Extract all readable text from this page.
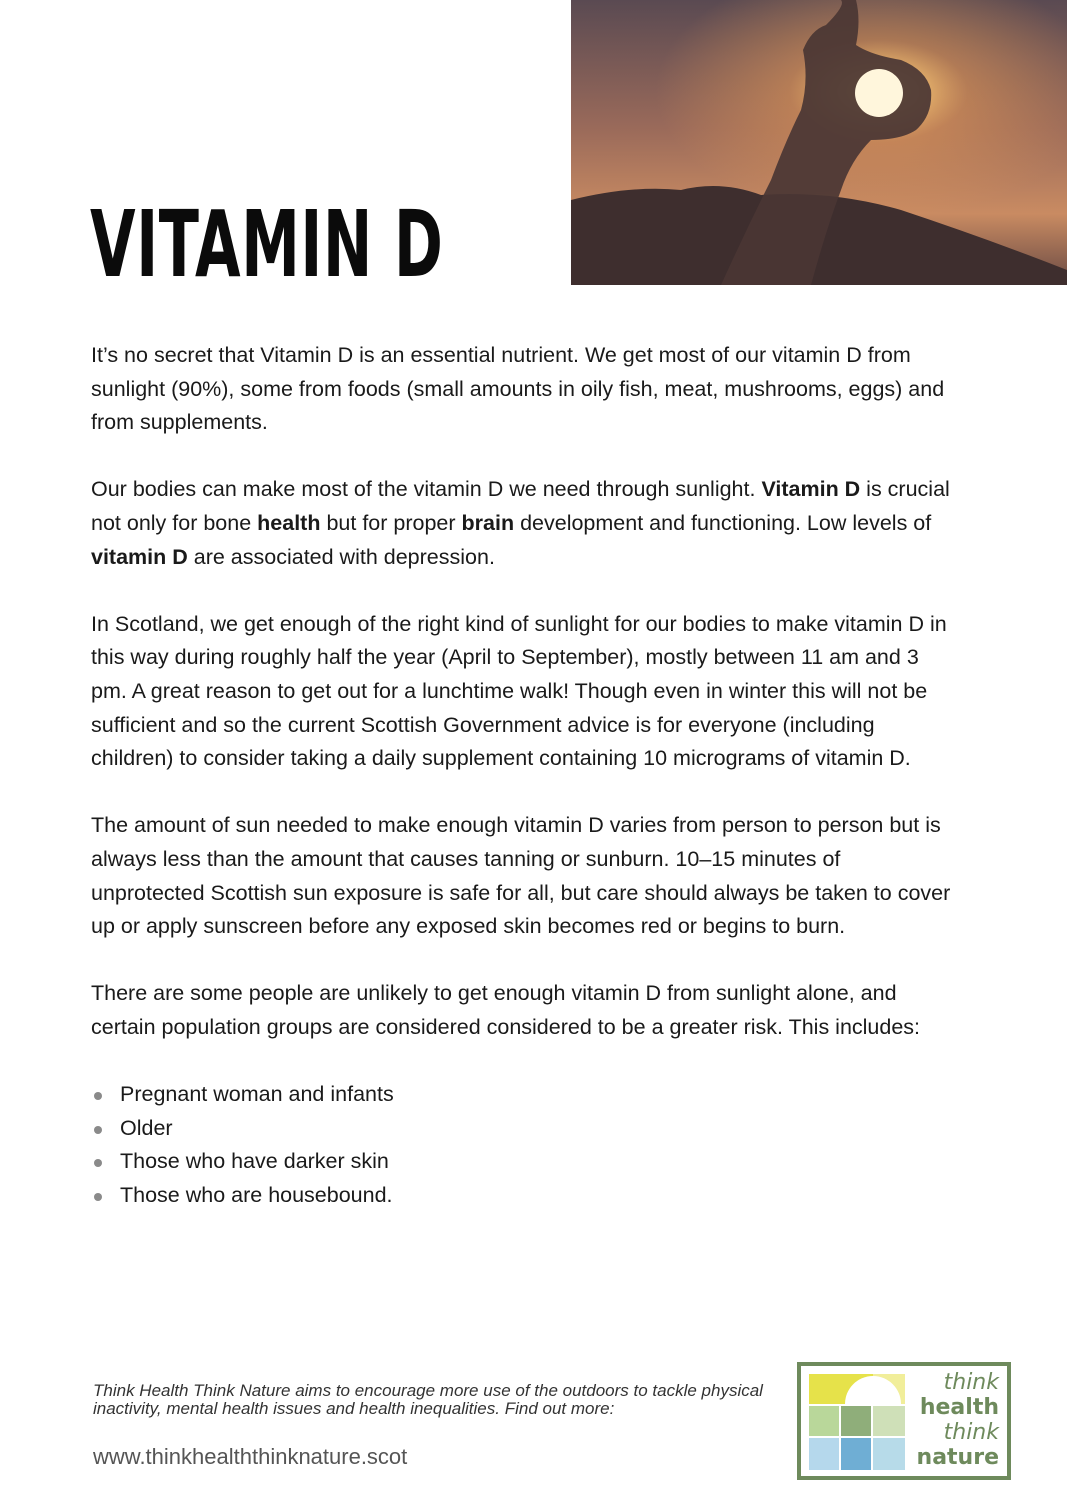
VITAMIN D

It’s no secret that Vitamin D is an essential nutrient. We get most of our vitamin D from sunlight (90%), some from foods (small amounts in oily fish, meat, mushrooms, eggs) and from supplements.

Our bodies can make most of the vitamin D we need through sunlight. Vitamin D is crucial not only for bone health but for proper brain development and functioning. Low levels of vitamin D are associated with depression.

In Scotland, we get enough of the right kind of sunlight for our bodies to make vitamin D in this way during roughly half the year (April to September), mostly between 11 am and 3 pm. A great reason to get out for a lunchtime walk! Though even in winter this will not be sufficient and so the current Scottish Government advice is for everyone (including children) to consider taking a daily supplement containing 10 micrograms of vitamin D.

The amount of sun needed to make enough vitamin D varies from person to person but is always less than the amount that causes tanning or sunburn. 10–15 minutes of unprotected Scottish sun exposure is safe for all, but care should always be taken to cover up or apply sunscreen before any exposed skin becomes red or begins to burn.

There are some people are unlikely to get enough vitamin D from sunlight alone, and certain population groups are considered considered to be a greater risk. This includes:

Pregnant woman and infants
Older
Those who have darker skin
Those who are housebound.
Think Health Think Nature aims to encourage more use of the outdoors to tackle physical inactivity, mental health issues and health inequalities. Find out more:
www.thinkhealththinknature.scot
think
health
think
nature
